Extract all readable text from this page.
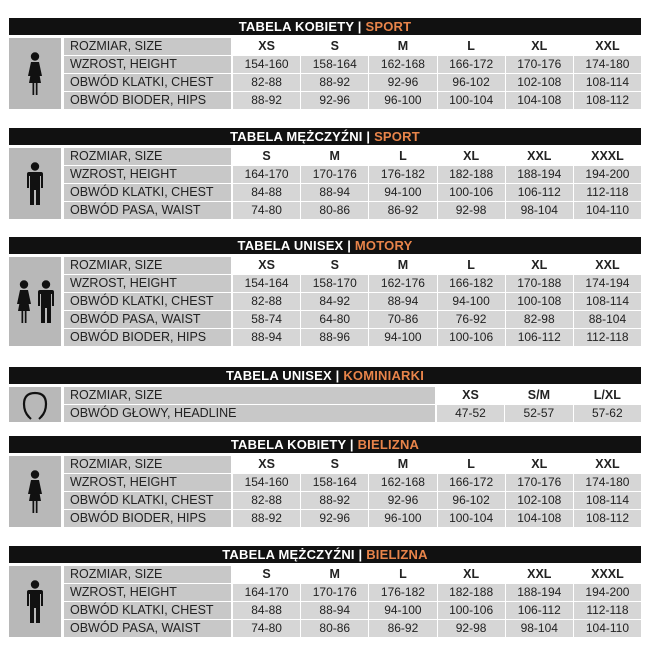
TABELA KOBIETY | SPORT
ROZMIAR, SIZE	XS	S	M	L	XL	XXL
WZROST, HEIGHT	154-160	158-164	162-168	166-172	170-176	174-180
OBWÓD KLATKI, CHEST	82-88	88-92	92-96	96-102	102-108	108-114
OBWÓD BIODER, HIPS	88-92	92-96	96-100	100-104	104-108	108-112
TABELA MĘŻCZYŹNI | SPORT
ROZMIAR, SIZE	S	M	L	XL	XXL	XXXL
WZROST, HEIGHT	164-170	170-176	176-182	182-188	188-194	194-200
OBWÓD KLATKI, CHEST	84-88	88-94	94-100	100-106	106-112	112-118
OBWÓD PASA, WAIST	74-80	80-86	86-92	92-98	98-104	104-110
TABELA UNISEX | MOTORY
ROZMIAR, SIZE	XS	S	M	L	XL	XXL
WZROST, HEIGHT	154-164	158-170	162-176	166-182	170-188	174-194
OBWÓD KLATKI, CHEST	82-88	84-92	88-94	94-100	100-108	108-114
OBWÓD PASA, WAIST	58-74	64-80	70-86	76-92	82-98	88-104
OBWÓD BIODER, HIPS	88-94	88-96	94-100	100-106	106-112	112-118
TABELA UNISEX | KOMINIARKI
ROZMIAR, SIZE	XS	S/M	L/XL
OBWÓD GŁOWY, HEADLINE	47-52	52-57	57-62
TABELA KOBIETY | BIELIZNA
ROZMIAR, SIZE	XS	S	M	L	XL	XXL
WZROST, HEIGHT	154-160	158-164	162-168	166-172	170-176	174-180
OBWÓD KLATKI, CHEST	82-88	88-92	92-96	96-102	102-108	108-114
OBWÓD BIODER, HIPS	88-92	92-96	96-100	100-104	104-108	108-112
TABELA MĘŻCZYŹNI | BIELIZNA
ROZMIAR, SIZE	S	M	L	XL	XXL	XXXL
WZROST, HEIGHT	164-170	170-176	176-182	182-188	188-194	194-200
OBWÓD KLATKI, CHEST	84-88	88-94	94-100	100-106	106-112	112-118
OBWÓD PASA, WAIST	74-80	80-86	86-92	92-98	98-104	104-110
